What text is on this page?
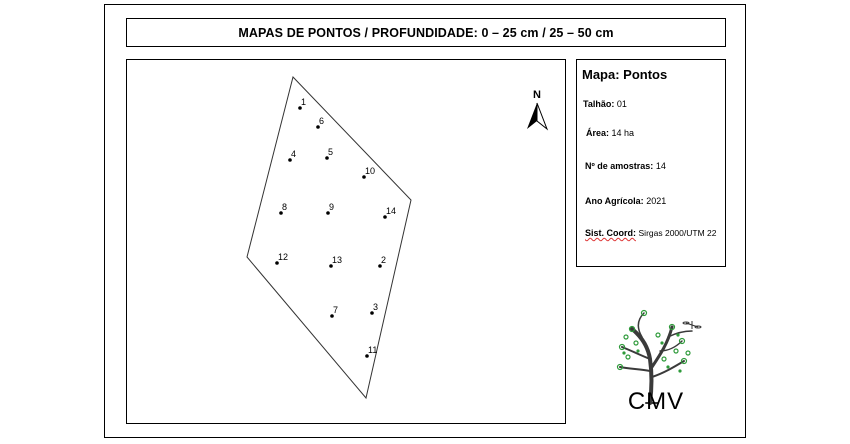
MAPAS DE PONTOS / PROFUNDIDADE: 0 – 25 cm / 25 – 50 cm
1
6
4	5
10
8	9	14
12	13	2
7	3
11
N
Mapa: Pontos
Talhão: 01
Área: 14 ha
Nº de amostras: 14
Ano Agrícola: 2021
Sist. Coord: Sirgas 2000/UTM 22
CMV
